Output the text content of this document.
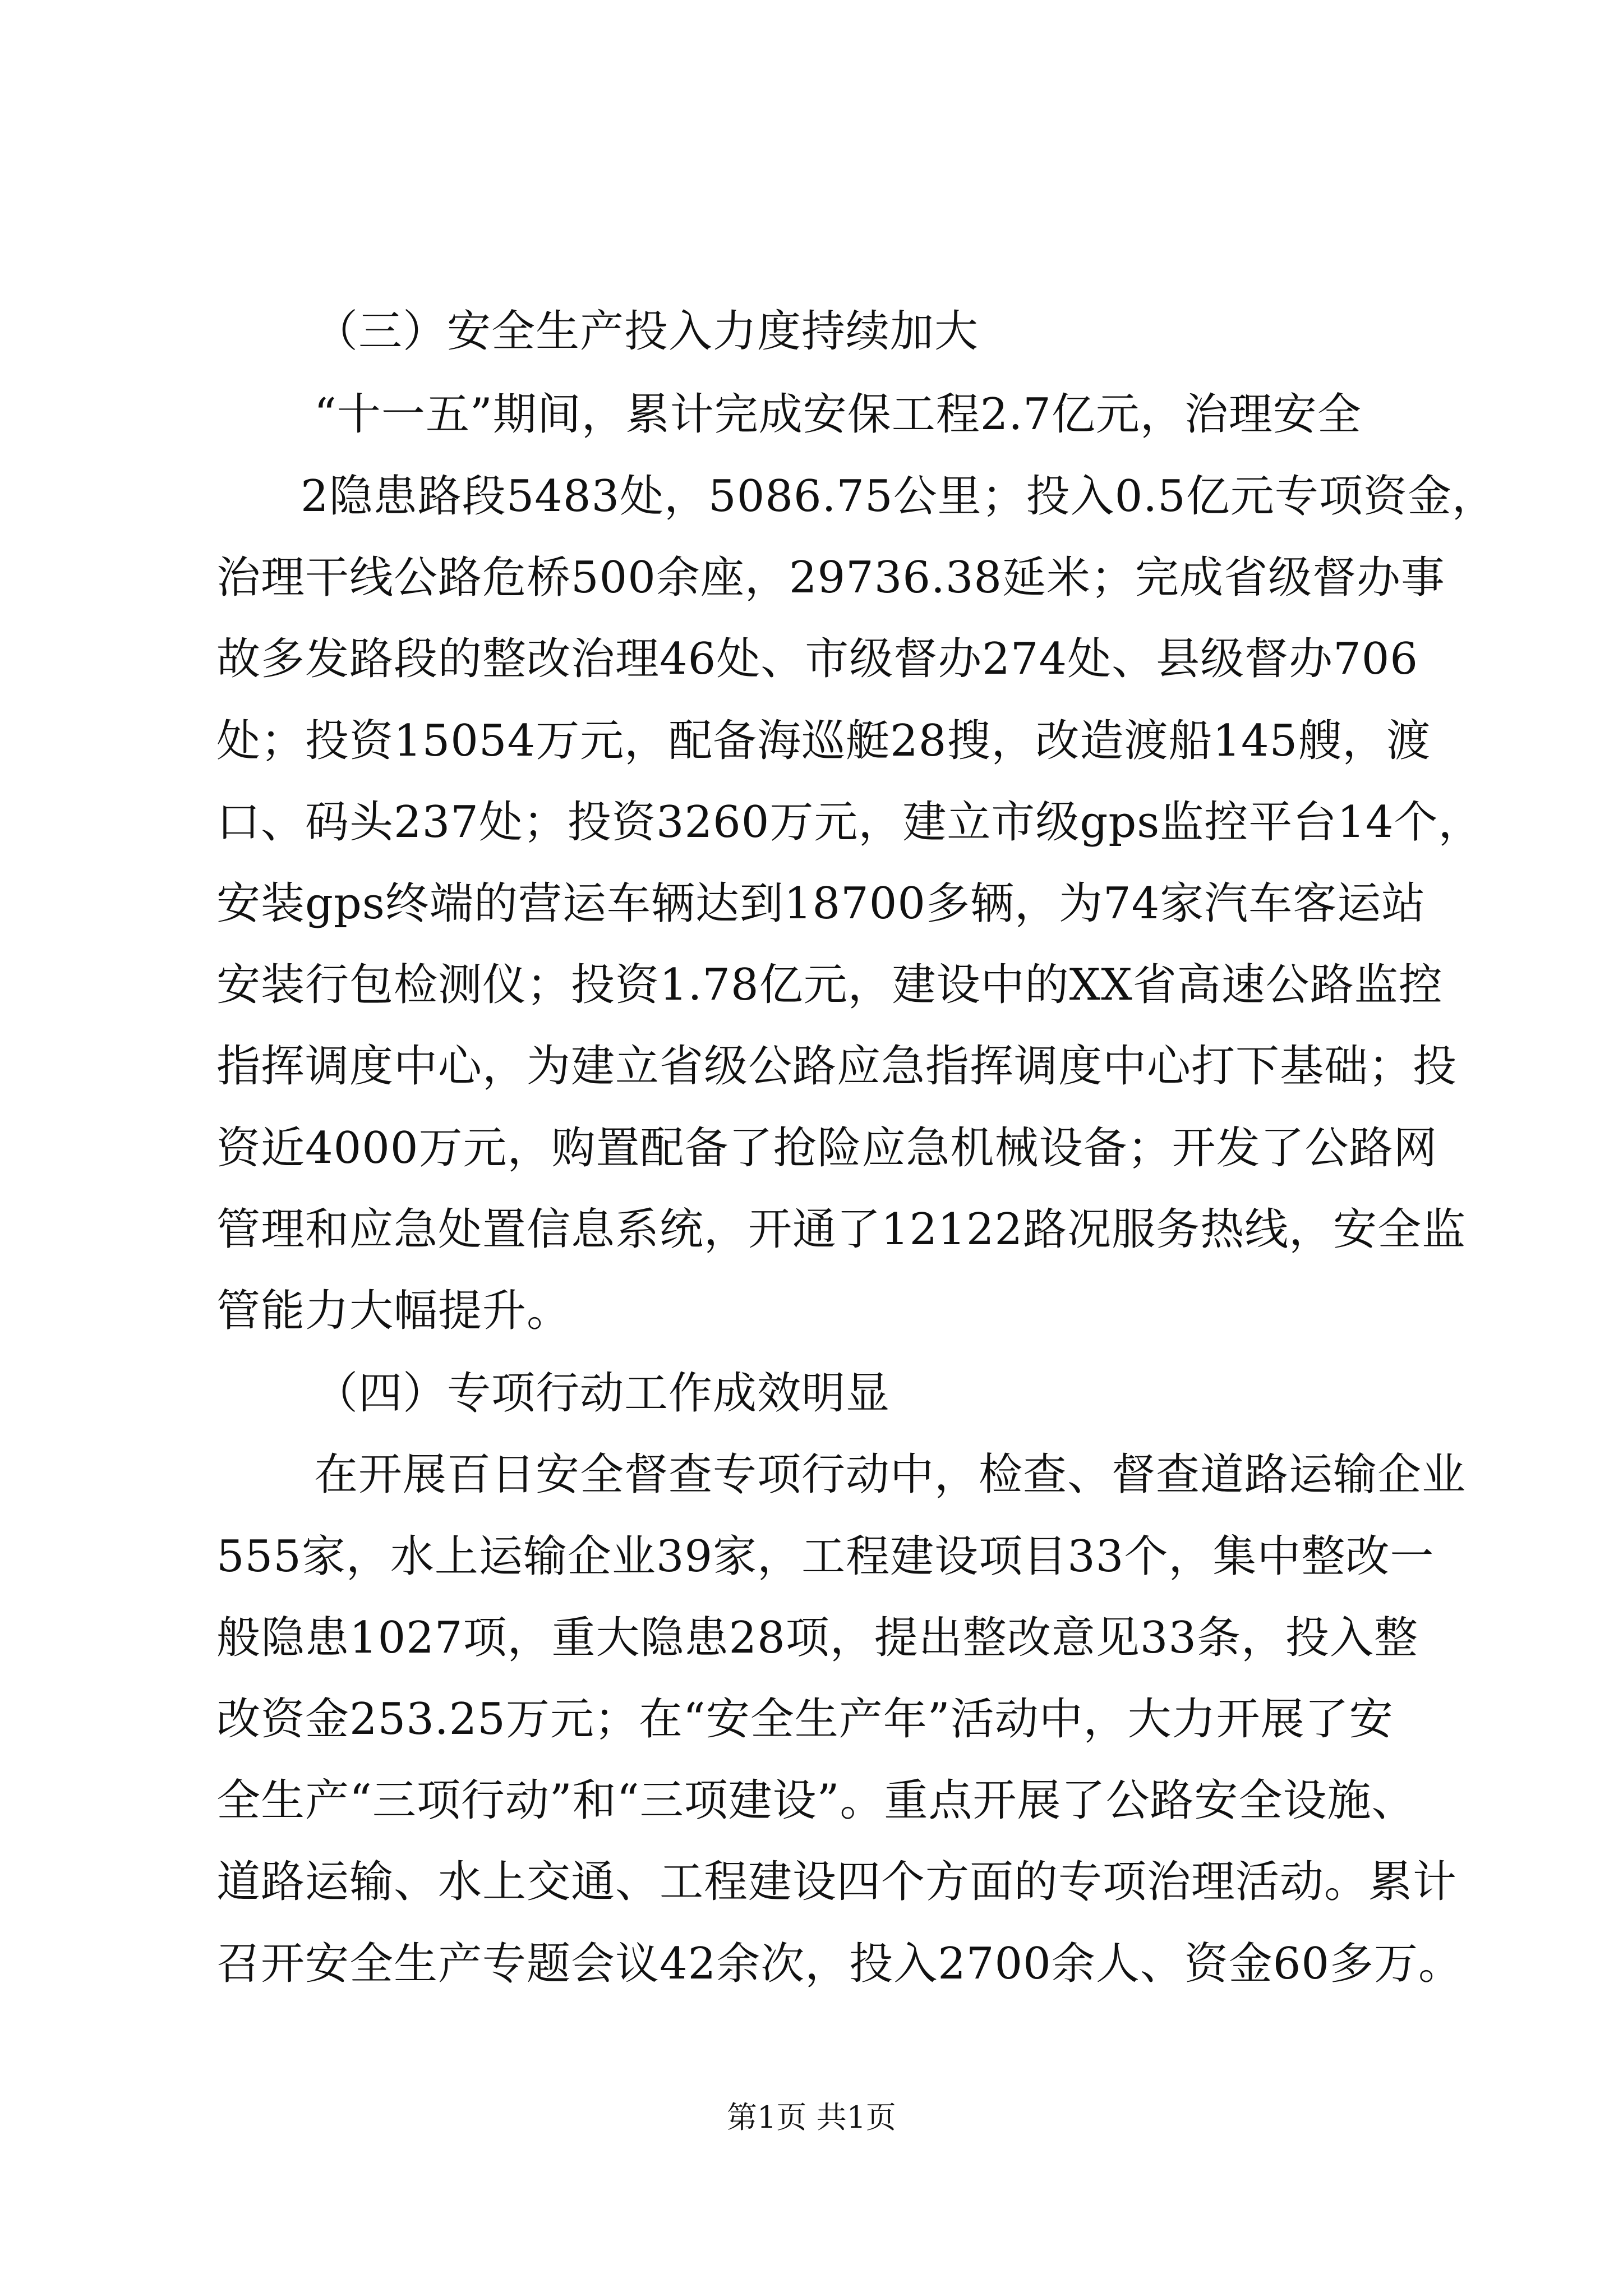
（三）安全生产投入力度持续加大
“十一五”期间，累计完成安保工程2.7亿元，治理安全
2隐患路段5483处，5086.75公里；投入0.5亿元专项资金，
治理干线公路危桥500余座，29736.38延米；完成省级督办事
故多发路段的整改治理46处、市级督办274处、县级督办706
处；投资15054万元，配备海巡艇28搜，改造渡船145艘，渡
口、码头237处；投资3260万元，建立市级gps监控平台14个，
安装gps终端的营运车辆达到18700多辆，为74家汽车客运站
安装行包检测仪；投资1.78亿元，建设中的XX省高速公路监控
指挥调度中心，为建立省级公路应急指挥调度中心打下基础；投
资近4000万元，购置配备了抢险应急机械设备；开发了公路网
管理和应急处置信息系统，开通了12122路况服务热线，安全监
管能力大幅提升。
（四）专项行动工作成效明显
在开展百日安全督查专项行动中，检查、督查道路运输企业
555家，水上运输企业39家，工程建设项目33个，集中整改一
般隐患1027项，重大隐患28项，提出整改意见33条，投入整
改资金253.25万元；在“安全生产年”活动中，大力开展了安
全生产“三项行动”和“三项建设”。重点开展了公路安全设施、
道路运输、水上交通、工程建设四个方面的专项治理活动。累计
召开安全生产专题会议42余次，投入2700余人、资金60多万。
第1页 共1页
